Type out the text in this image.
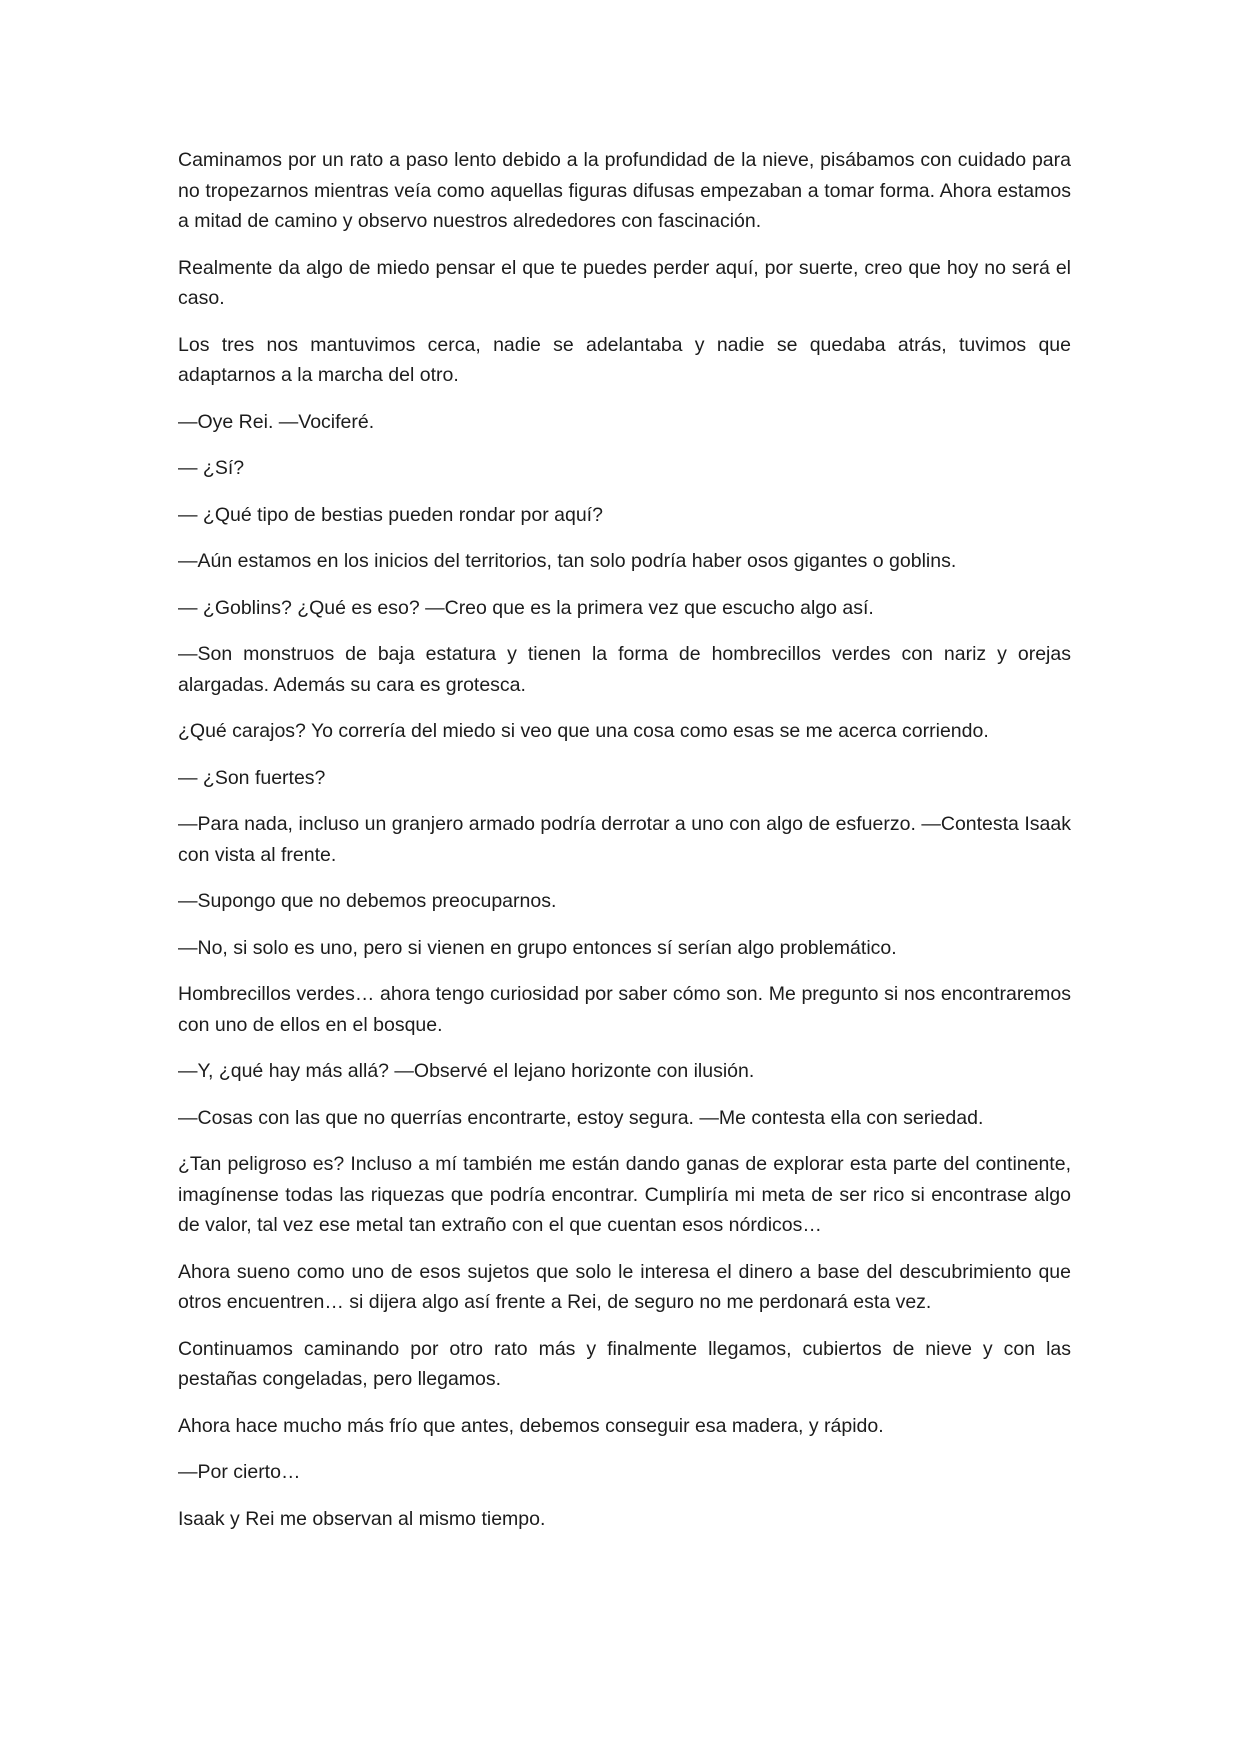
Caminamos por un rato a paso lento debido a la profundidad de la nieve, pisábamos con cuidado para no tropezarnos mientras veía como aquellas figuras difusas empezaban a tomar forma. Ahora estamos a mitad de camino y observo nuestros alrededores con fascinación.

Realmente da algo de miedo pensar el que te puedes perder aquí, por suerte, creo que hoy no será el caso.

Los tres nos mantuvimos cerca, nadie se adelantaba y nadie se quedaba atrás, tuvimos que adaptarnos a la marcha del otro.

—Oye Rei. —Vociferé.

— ¿Sí?

— ¿Qué tipo de bestias pueden rondar por aquí?

—Aún estamos en los inicios del territorios, tan solo podría haber osos gigantes o goblins.

— ¿Goblins? ¿Qué es eso? —Creo que es la primera vez que escucho algo así.

—Son monstruos de baja estatura y tienen la forma de hombrecillos verdes con nariz y orejas alargadas. Además su cara es grotesca.

¿Qué carajos? Yo correría del miedo si veo que una cosa como esas se me acerca corriendo.

— ¿Son fuertes?

—Para nada, incluso un granjero armado podría derrotar a uno con algo de esfuerzo. —Contesta Isaak con vista al frente.

—Supongo que no debemos preocuparnos.

—No, si solo es uno, pero si vienen en grupo entonces sí serían algo problemático.

Hombrecillos verdes… ahora tengo curiosidad por saber cómo son. Me pregunto si nos encontraremos con uno de ellos en el bosque.

—Y, ¿qué hay más allá? —Observé el lejano horizonte con ilusión.

—Cosas con las que no querrías encontrarte, estoy segura. —Me contesta ella con seriedad.

¿Tan peligroso es? Incluso a mí también me están dando ganas de explorar esta parte del continente, imagínense todas las riquezas que podría encontrar. Cumpliría mi meta de ser rico si encontrase algo de valor, tal vez ese metal tan extraño con el que cuentan esos nórdicos…

Ahora sueno como uno de esos sujetos que solo le interesa el dinero a base del descubrimiento que otros encuentren… si dijera algo así frente a Rei, de seguro no me perdonará esta vez.

Continuamos caminando por otro rato más y finalmente llegamos, cubiertos de nieve y con las pestañas congeladas, pero llegamos.

Ahora hace mucho más frío que antes, debemos conseguir esa madera, y rápido.

—Por cierto…

Isaak y Rei me observan al mismo tiempo.
